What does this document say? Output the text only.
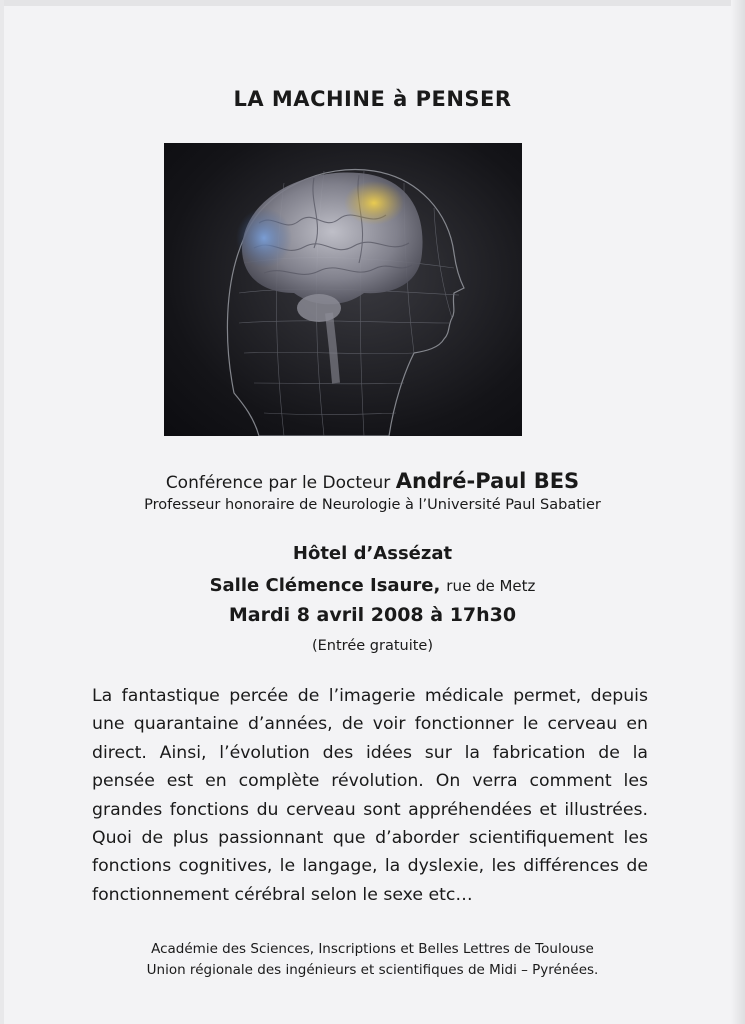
LA MACHINE à PENSER
Conférence par le Docteur André-Paul BES
Professeur honoraire de Neurologie à l’Université Paul Sabatier
Hôtel d’Assézat
Salle Clémence Isaure, rue de Metz
Mardi 8 avril 2008 à 17h30
(Entrée gratuite)
La fantastique percée de l’imagerie médicale permet, depuis une quarantaine d’années, de voir fonctionner le cerveau en direct. Ainsi, l’évolution des idées sur la fabrication de la pensée est en complète révolution. On verra comment les grandes fonctions du cerveau sont appréhendées et illustrées. Quoi de plus passionnant que d’aborder scientifiquement les fonctions cognitives, le langage, la dyslexie, les différences de fonctionnement cérébral selon le sexe etc…
Académie des Sciences, Inscriptions et Belles Lettres de Toulouse
Union régionale des ingénieurs et scientifiques de Midi – Pyrénées.
